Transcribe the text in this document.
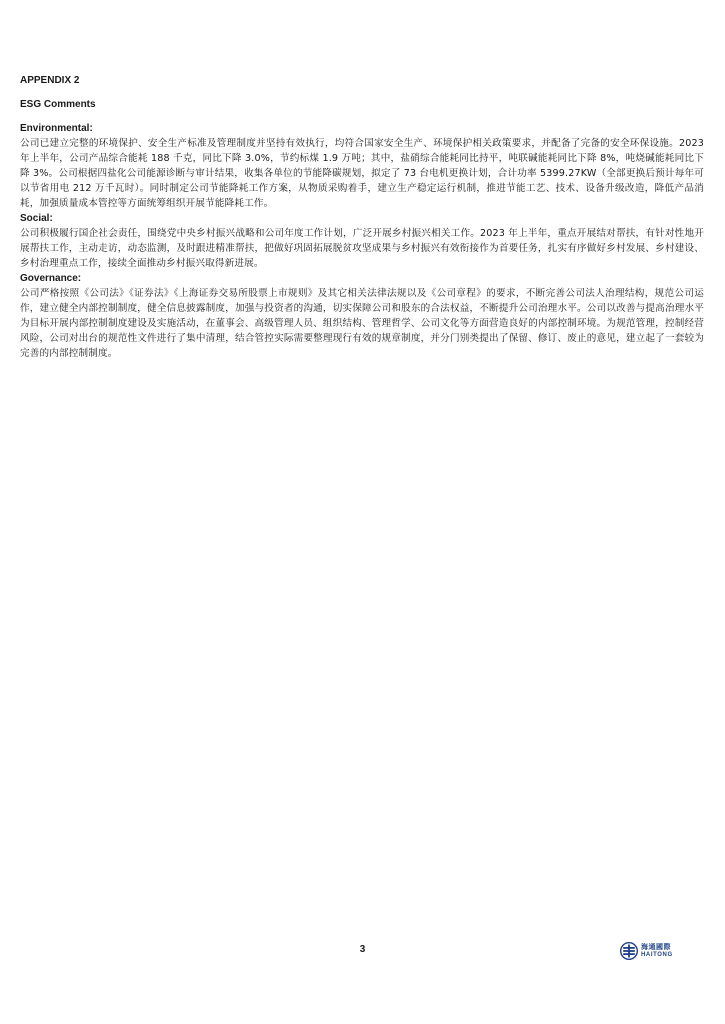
APPENDIX 2
ESG Comments
Environmental:
公司已建立完整的环境保护、安全生产标准及管理制度并坚持有效执行，均符合国家安全生产、环境保护相关政策要求，并配备了完备的安全环保设施。2023 年上半年，公司产品综合能耗 188 千克，同比下降 3.0%，节约标煤 1.9 万吨；其中，盐硝综合能耗同比持平，吨联碱能耗同比下降 8%，吨烧碱能耗同比下降 3%。公司根据四盐化公司能源诊断与审计结果，收集各单位的节能降碳规划，拟定了 73 台电机更换计划，合计功率 5399.27KW（全部更换后预计每年可以节省用电 212 万千瓦时）。同时制定公司节能降耗工作方案，从物质采购着手，建立生产稳定运行机制，推进节能工艺、技术、设备升级改造，降低产品消耗，加强质量成本管控等方面统筹组织开展节能降耗工作。
Social:
公司积极履行国企社会责任，围绕党中央乡村振兴战略和公司年度工作计划，广泛开展乡村振兴相关工作。2023 年上半年，重点开展结对帮扶，有针对性地开展帮扶工作，主动走访，动态监测，及时跟进精准帮扶，把做好巩固拓展脱贫攻坚成果与乡村振兴有效衔接作为首要任务，扎实有序做好乡村发展、乡村建设、乡村治理重点工作，接续全面推动乡村振兴取得新进展。
Governance:
公司严格按照《公司法》《证券法》《上海证券交易所股票上市规则》及其它相关法律法规以及《公司章程》的要求，不断完善公司法人治理结构，规范公司运作，建立健全内部控制制度，健全信息披露制度，加强与投资者的沟通，切实保障公司和股东的合法权益，不断提升公司治理水平。公司以改善与提高治理水平为目标开展内部控制制度建设及实施活动，在董事会、高级管理人员、组织结构、管理哲学、公司文化等方面营造良好的内部控制环境。为规范管理，控制经营风险，公司对出台的规范性文件进行了集中清理，结合管控实际需要整理现行有效的规章制度，并分门别类提出了保留、修订、废止的意见，建立起了一套较为完善的内部控制制度。
3	海通國際
HAITONG
